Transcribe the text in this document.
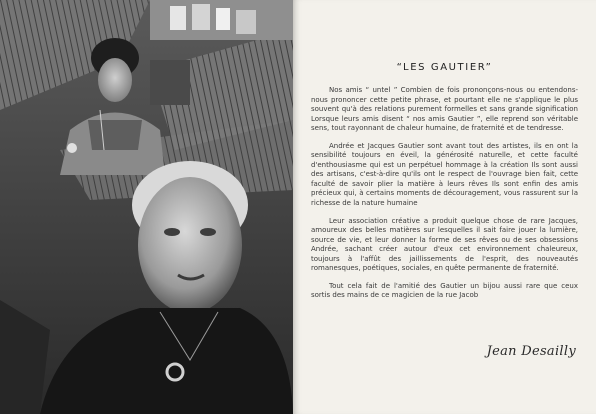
“LES GAUTIER”

Nos amis “ untel ” Combien de fois prononçons-nous ou entendons-nous prononcer cette petite phrase, et pourtant elle ne s'applique le plus souvent qu'à des relations purement formelles et sans grande signification Lorsque leurs amis disent “ nos amis Gautier ”, elle reprend son véritable sens, tout rayonnant de chaleur humaine, de fraternité et de tendresse.

Andrée et Jacques Gautier sont avant tout des artistes, ils en ont la sensibilité toujours en éveil, la générosité naturelle, et cette faculté d'enthousiasme qui est un perpétuel hommage à la création Ils sont aussi des artisans, c'est-à-dire qu'ils ont le respect de l'ouvrage bien fait, cette faculté de savoir plier la matière à leurs rêves Ils sont enfin des amis précieux qui, à certains moments de découragement, vous rassurent sur la richesse de la nature humaine

Leur association créative a produit quelque chose de rare Jacques, amoureux des belles matières sur lesquelles il sait faire jouer la lumière, source de vie, et leur donner la forme de ses rêves ou de ses obsessions Andrée, sachant créer autour d'eux cet environnement chaleureux, toujours à l'affût des jaillissements de l'esprit, des nouveautés romanesques, poétiques, sociales, en quête permanente de fraternité.

Tout cela fait de l'amitié des Gautier un bijou aussi rare que ceux sortis des mains de ce magicien de la rue Jacob

Jean Desailly
